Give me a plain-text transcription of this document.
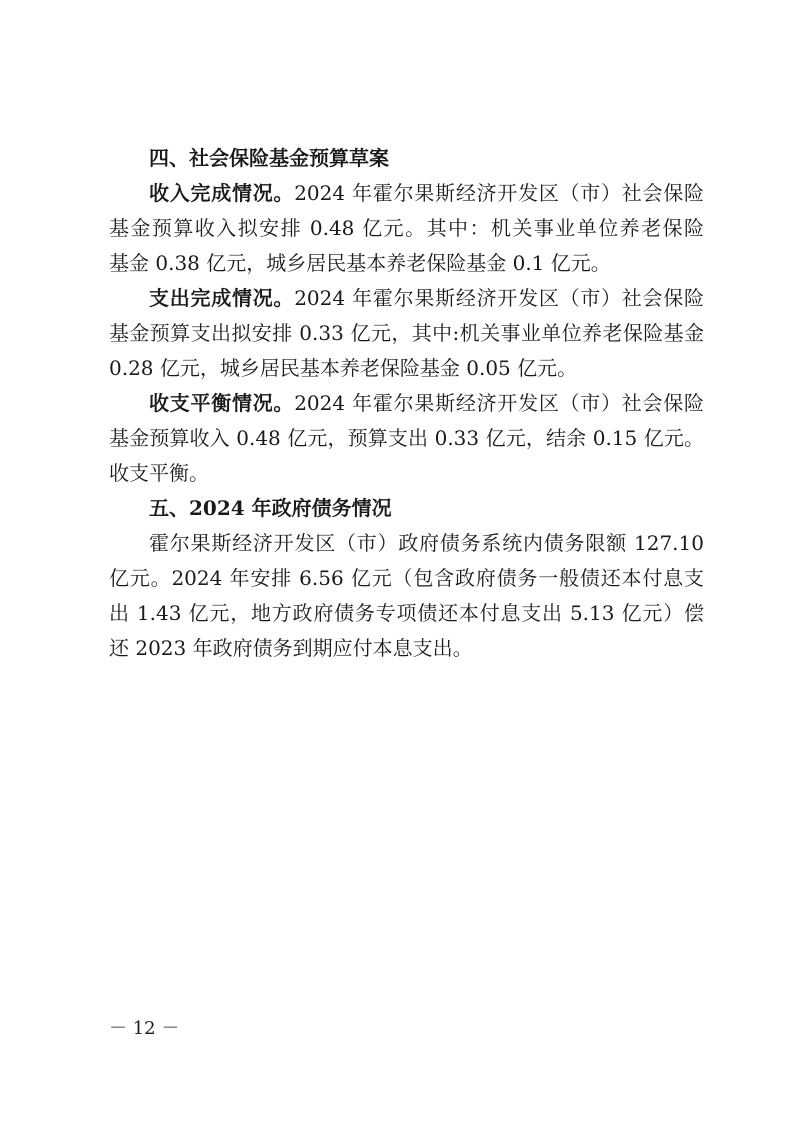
四、社会保险基金预算草案
收入完成情况。2024 年霍尔果斯经济开发区（市）社会保险
基金预算收入拟安排 0.48 亿元。其中：机关事业单位养老保险
基金 0.38 亿元，城乡居民基本养老保险基金 0.1 亿元。
支出完成情况。2024 年霍尔果斯经济开发区（市）社会保险
基金预算支出拟安排 0.33 亿元，其中:机关事业单位养老保险基金
0.28 亿元，城乡居民基本养老保险基金 0.05 亿元。
收支平衡情况。2024 年霍尔果斯经济开发区（市）社会保险
基金预算收入 0.48 亿元，预算支出 0.33 亿元，结余 0.15 亿元。
收支平衡。
五、2024 年政府债务情况
霍尔果斯经济开发区（市）政府债务系统内债务限额 127.10
亿元。2024 年安排 6.56 亿元（包含政府债务一般债还本付息支
出 1.43 亿元，地方政府债务专项债还本付息支出 5.13 亿元）偿
还 2023 年政府债务到期应付本息支出。
－ 12 －
